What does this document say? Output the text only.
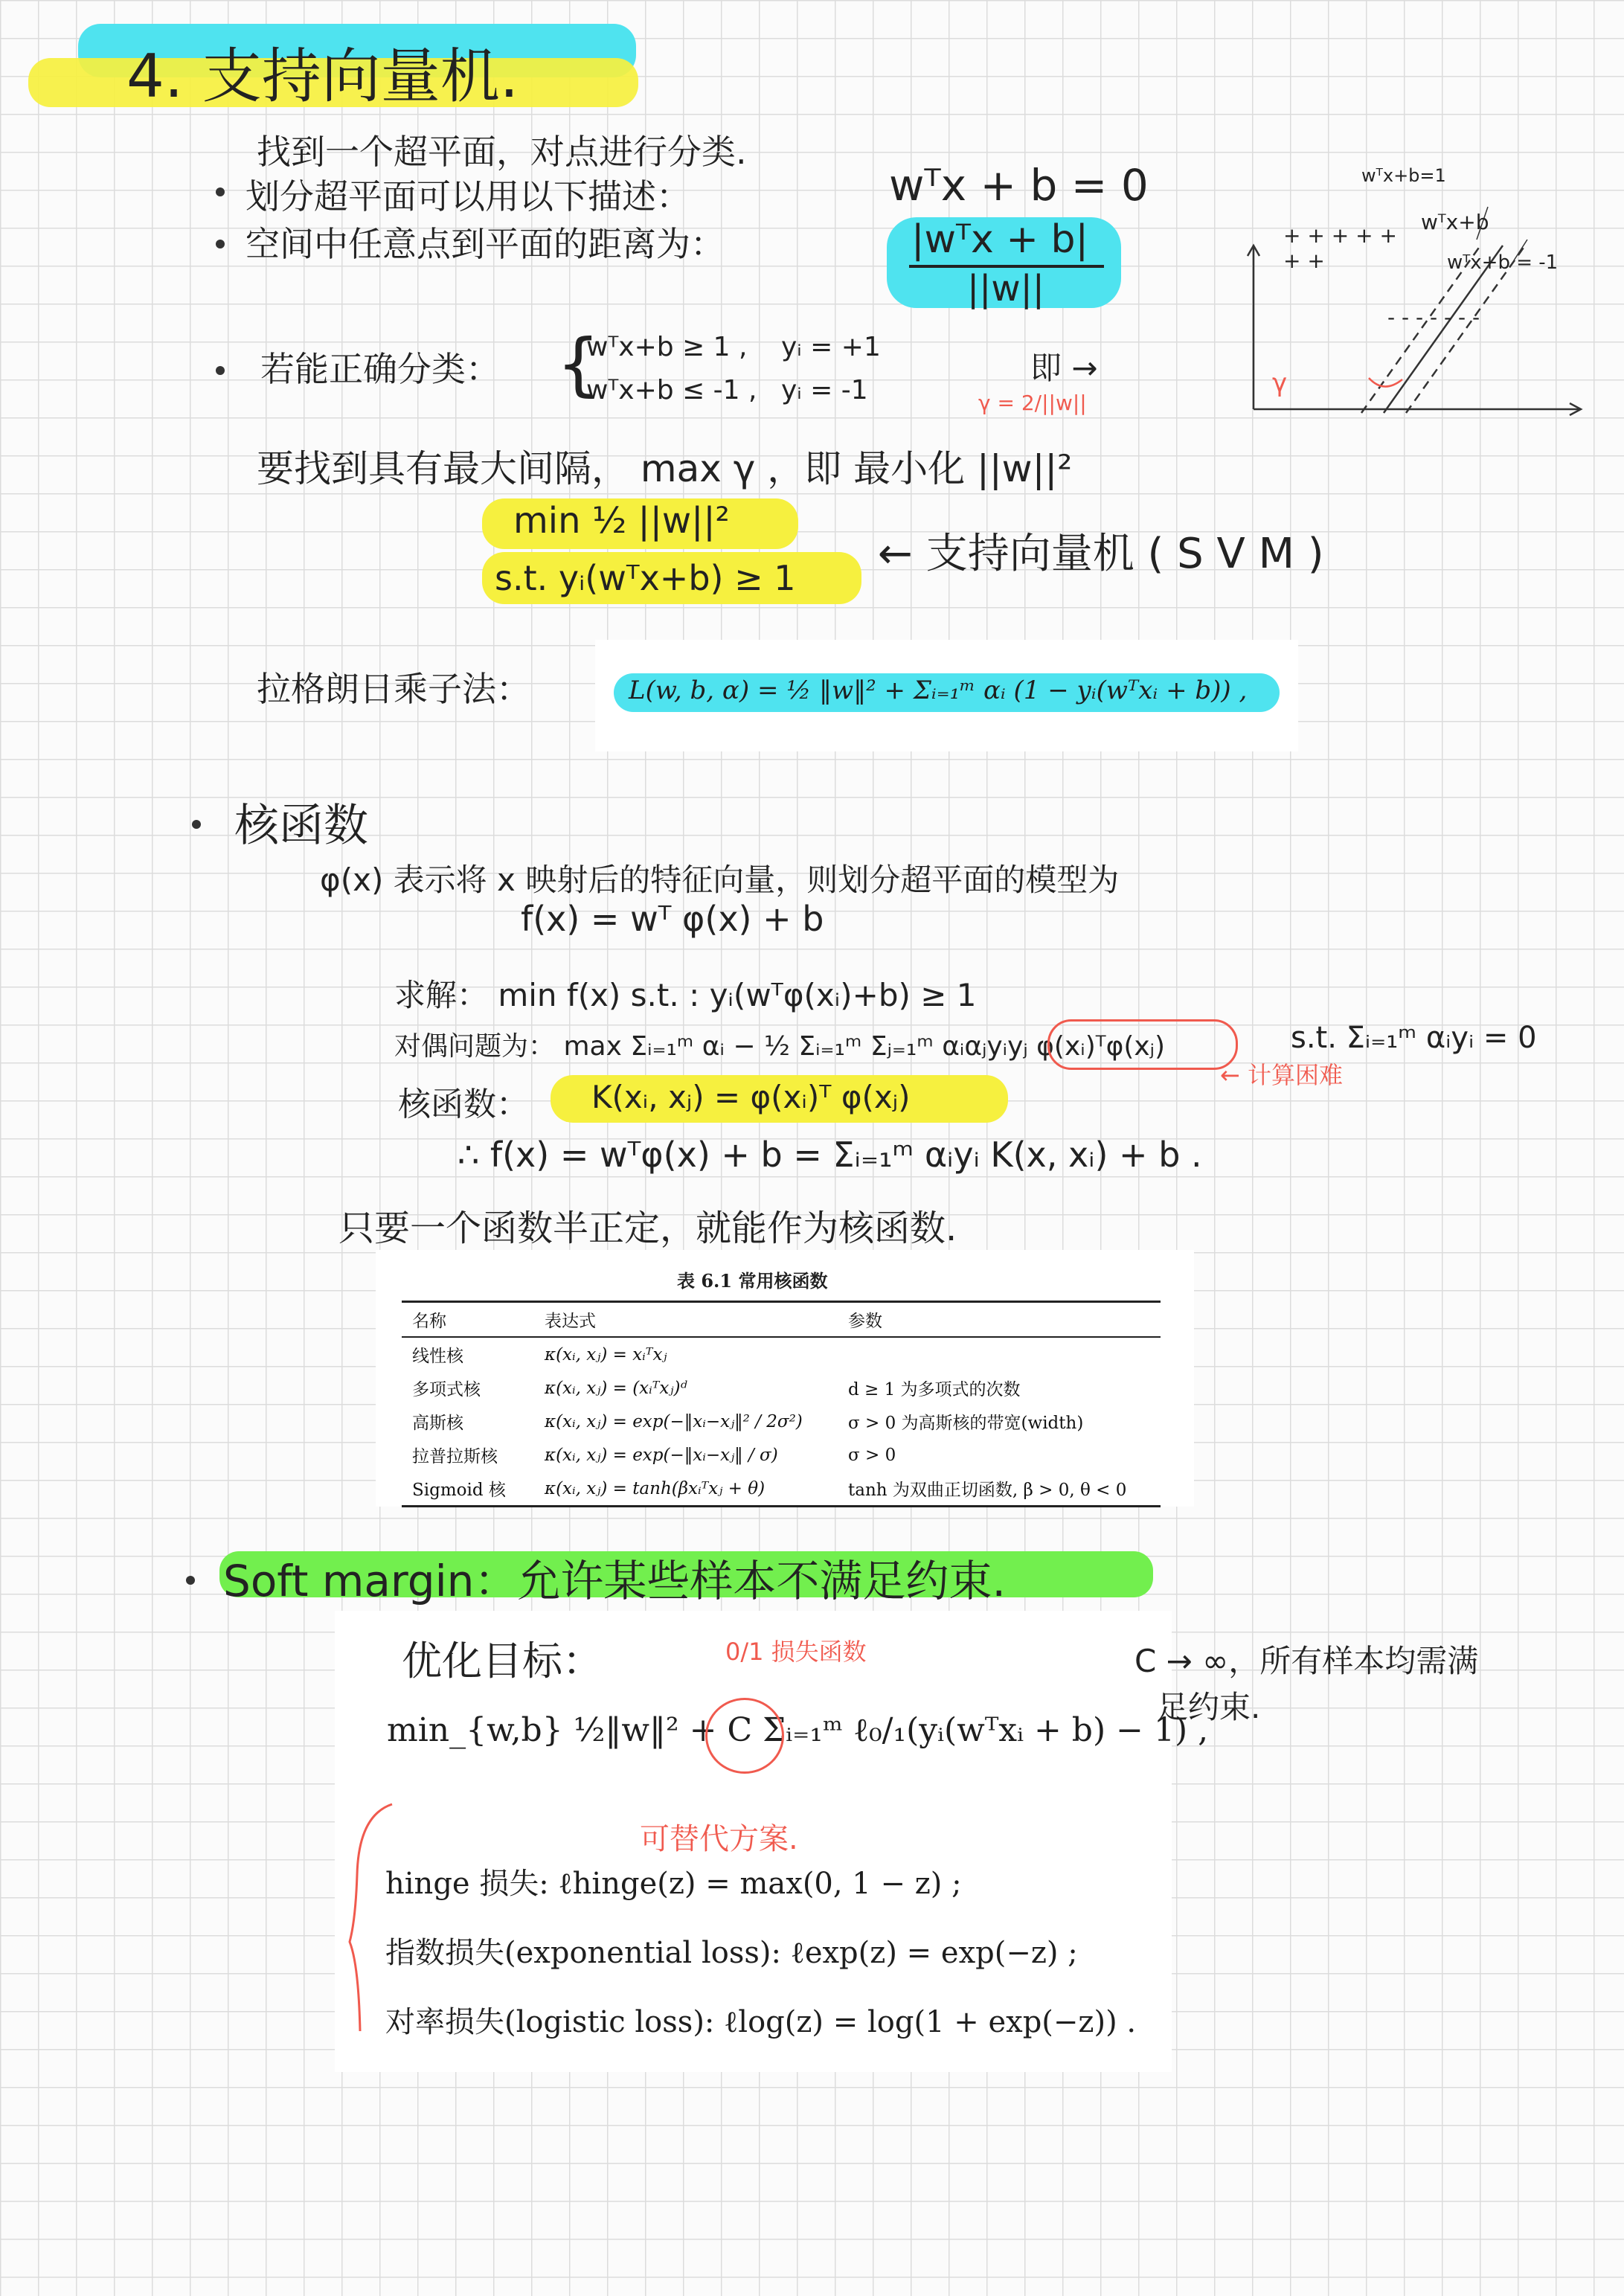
4. 支持向量机.
找到一个超平面，对点进行分类.
划分超平面可以用以下描述：
空间中任意点到平面的距离为：
wᵀx + b = 0
|wᵀx + b|
||w||
wᵀx+b=1
wᵀx+b
wᵀx+b = -1
+ + + + + + +
- - - - - - -
γ
若能正确分类： {
wᵀx+b ≥ 1 , yᵢ = +1
wᵀx+b ≤ -1 , yᵢ = -1
即 →
γ = 2/||w||
要找到具有最大间隔， max γ ，即 最小化 ||w||²
min ½ ||w||²
s.t. yᵢ(wᵀx+b) ≥ 1 ← 支持向量机 ( S V M )
拉格朗日乘子法：	L(w, b, α) = ½ ‖w‖² + Σᵢ₌₁ᵐ αᵢ (1 − yᵢ(wᵀxᵢ + b)) ,
核函数
φ(x) 表示将 x 映射后的特征向量，则划分超平面的模型为
f(x) = wᵀ φ(x) + b
求解： min f(x) s.t. : yᵢ(wᵀφ(xᵢ)+b) ≥ 1
对偶问题为： max Σᵢ₌₁ᵐ αᵢ − ½ Σᵢ₌₁ᵐ Σⱼ₌₁ᵐ αᵢαⱼyᵢyⱼ φ(xᵢ)ᵀφ(xⱼ)	s.t. Σᵢ₌₁ᵐ αᵢyᵢ = 0
← 计算困难
核函数： K(xᵢ, xⱼ) = φ(xᵢ)ᵀ φ(xⱼ)
∴ f(x) = wᵀφ(x) + b = Σᵢ₌₁ᵐ αᵢyᵢ K(x, xᵢ) + b .
只要一个函数半正定，就能作为核函数.
表 6.1 常用核函数
名称	表达式	参数
线性核	κ(xᵢ, xⱼ) = xᵢᵀxⱼ	
多项式核	κ(xᵢ, xⱼ) = (xᵢᵀxⱼ)ᵈ	d ≥ 1 为多项式的次数
高斯核	κ(xᵢ, xⱼ) = exp(−‖xᵢ−xⱼ‖² / 2σ²)	σ > 0 为高斯核的带宽(width)
拉普拉斯核	κ(xᵢ, xⱼ) = exp(−‖xᵢ−xⱼ‖ / σ)	σ > 0
Sigmoid 核	κ(xᵢ, xⱼ) = tanh(βxᵢᵀxⱼ + θ)	tanh 为双曲正切函数, β > 0, θ < 0
Soft margin：允许某些样本不满足约束.
优化目标：	0/1 损失函数
min_{w,b} ½‖w‖² + C Σᵢ₌₁ᵐ ℓ₀/₁(yᵢ(wᵀxᵢ + b) − 1) ,
C → ∞，所有样本均需满
足约束.
可替代方案.
hinge 损失: ℓhinge(z) = max(0, 1 − z) ;
指数损失(exponential loss): ℓexp(z) = exp(−z) ;
对率损失(logistic loss): ℓlog(z) = log(1 + exp(−z)) .
